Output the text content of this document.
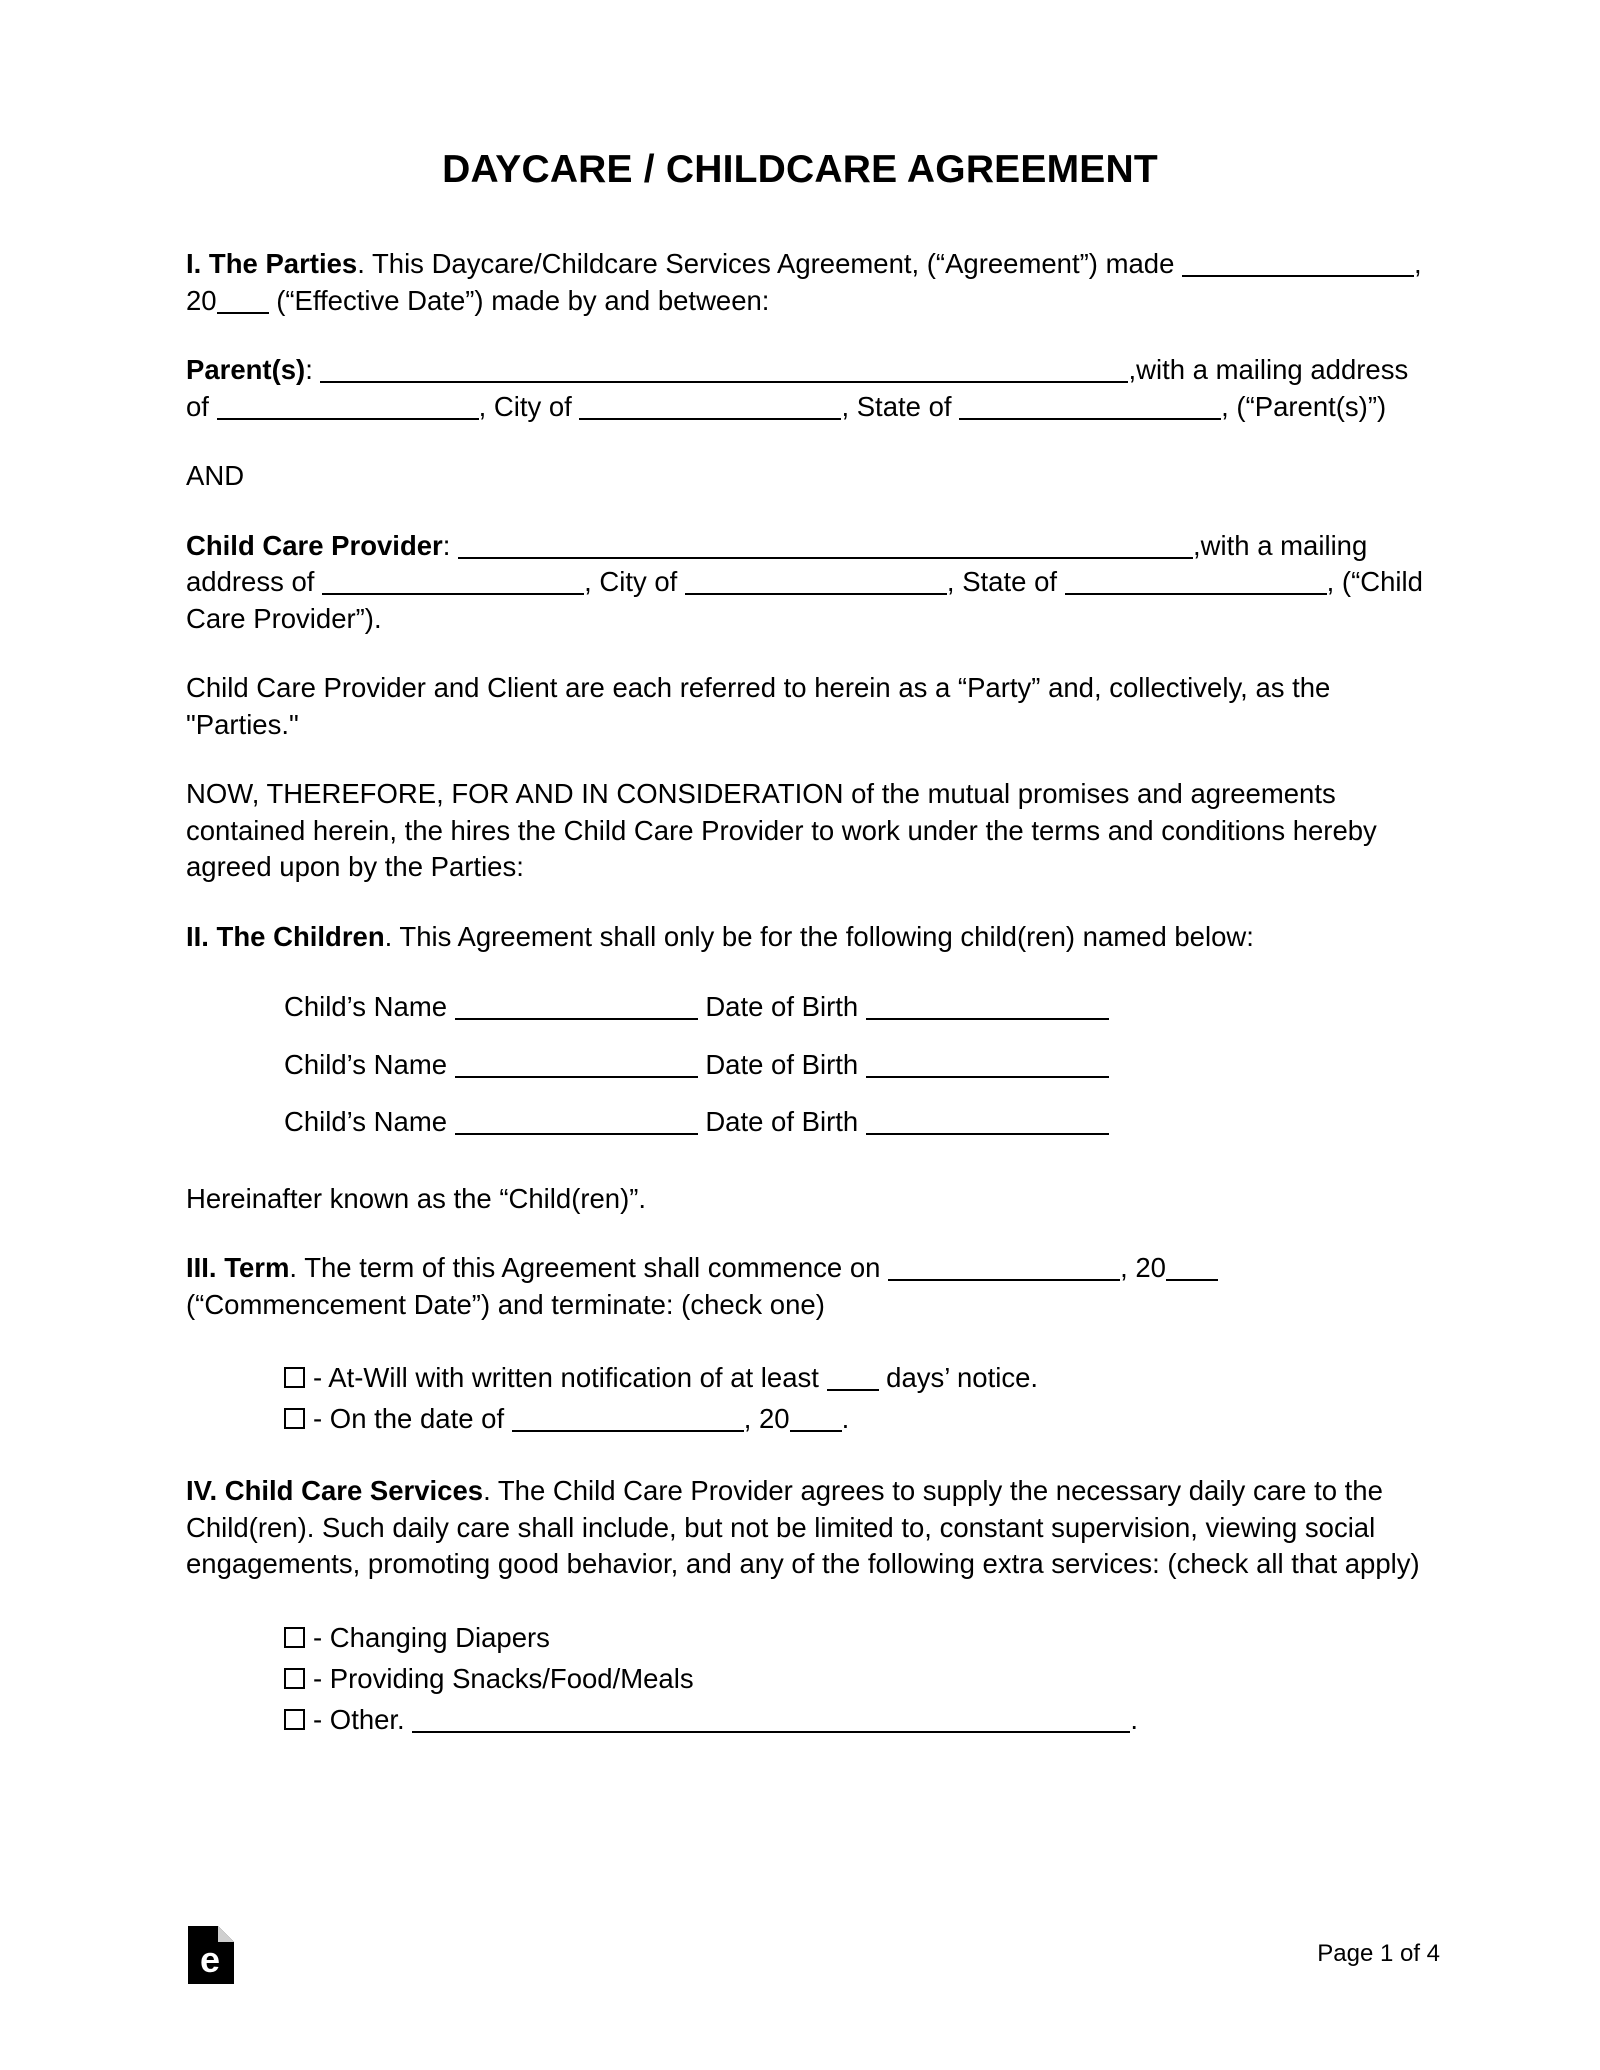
DAYCARE / CHILDCARE AGREEMENT

I. The Parties. This Daycare/Childcare Services Agreement, (“Agreement”) made	, 20 (“Effective Date”) made by and between:

Parent(s):	,with a mailing address of	, City of	, State of	, (“Parent(s)”)

AND

Child Care Provider:	,with a mailing address of	, City of	, State of	, (“Child Care Provider”).

Child Care Provider and Client are each referred to herein as a “Party” and, collectively, as the "Parties."

NOW, THEREFORE, FOR AND IN CONSIDERATION of the mutual promises and agreements contained herein, the hires the Child Care Provider to work under the terms and conditions hereby agreed upon by the Parties:

II. The Children. This Agreement shall only be for the following child(ren) named below:

Child’s Name	Date of Birth
Child’s Name	Date of Birth
Child’s Name	Date of Birth

Hereinafter known as the “Child(ren)”.

III. Term. The term of this Agreement shall commence on	, 20 (“Commencement Date”) and terminate: (check one)

- At-Will with written notification of at least  days’ notice.
- On the date of	, 20 .

IV. Child Care Services. The Child Care Provider agrees to supply the necessary daily care to the Child(ren). Such daily care shall include, but not be limited to, constant supervision, viewing social engagements, promoting good behavior, and any of the following extra services: (check all that apply)

- Changing Diapers
- Providing Snacks/Food/Meals
- Other.	.
e	Page 1 of 4
